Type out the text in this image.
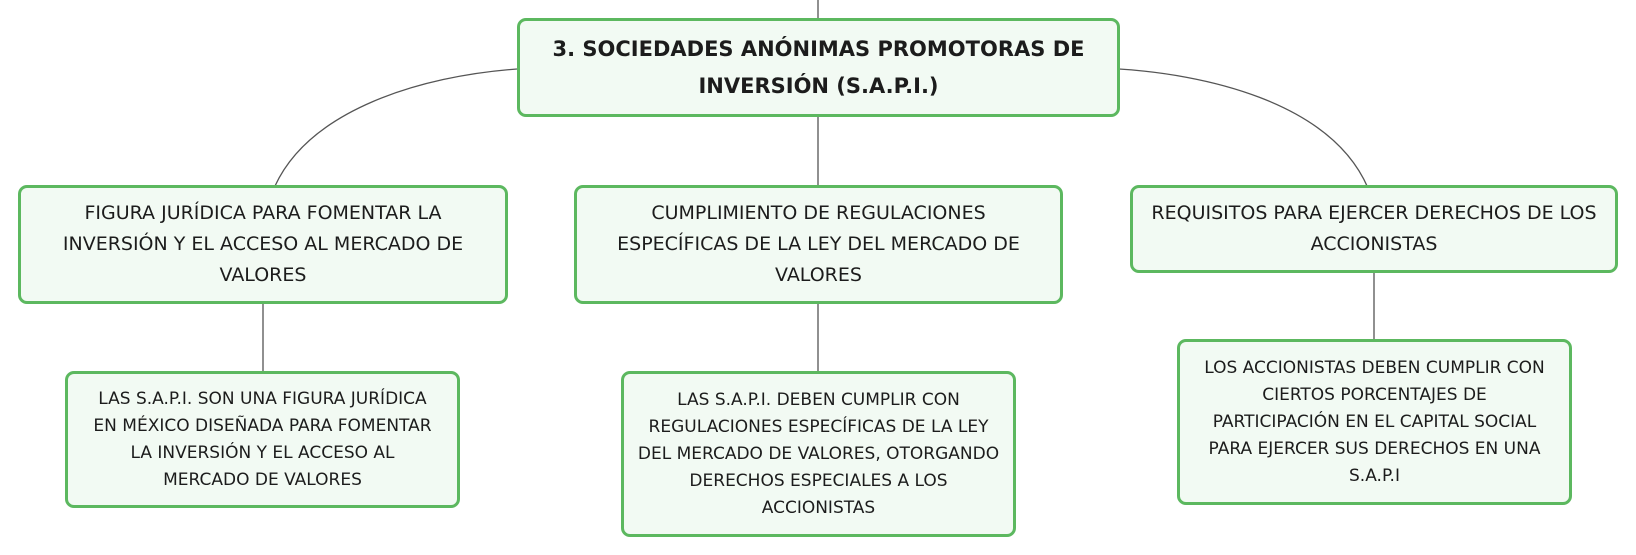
3. SOCIEDADES ANÓNIMAS PROMOTORAS DE INVERSIÓN (S.A.P.I.)
FIGURA JURÍDICA PARA FOMENTAR LA INVERSIÓN Y EL ACCESO AL MERCADO DE VALORES
CUMPLIMIENTO DE REGULACIONES ESPECÍFICAS DE LA LEY DEL MERCADO DE VALORES
REQUISITOS PARA EJERCER DERECHOS DE LOS ACCIONISTAS
LAS S.A.P.I. SON UNA FIGURA JURÍDICA EN MÉXICO DISEÑADA PARA FOMENTAR LA INVERSIÓN Y EL ACCESO AL MERCADO DE VALORES
LAS S.A.P.I. DEBEN CUMPLIR CON REGULACIONES ESPECÍFICAS DE LA LEY DEL MERCADO DE VALORES, OTORGANDO DERECHOS ESPECIALES A LOS ACCIONISTAS
LOS ACCIONISTAS DEBEN CUMPLIR CON CIERTOS PORCENTAJES DE PARTICIPACIÓN EN EL CAPITAL SOCIAL PARA EJERCER SUS DERECHOS EN UNA S.A.P.I
